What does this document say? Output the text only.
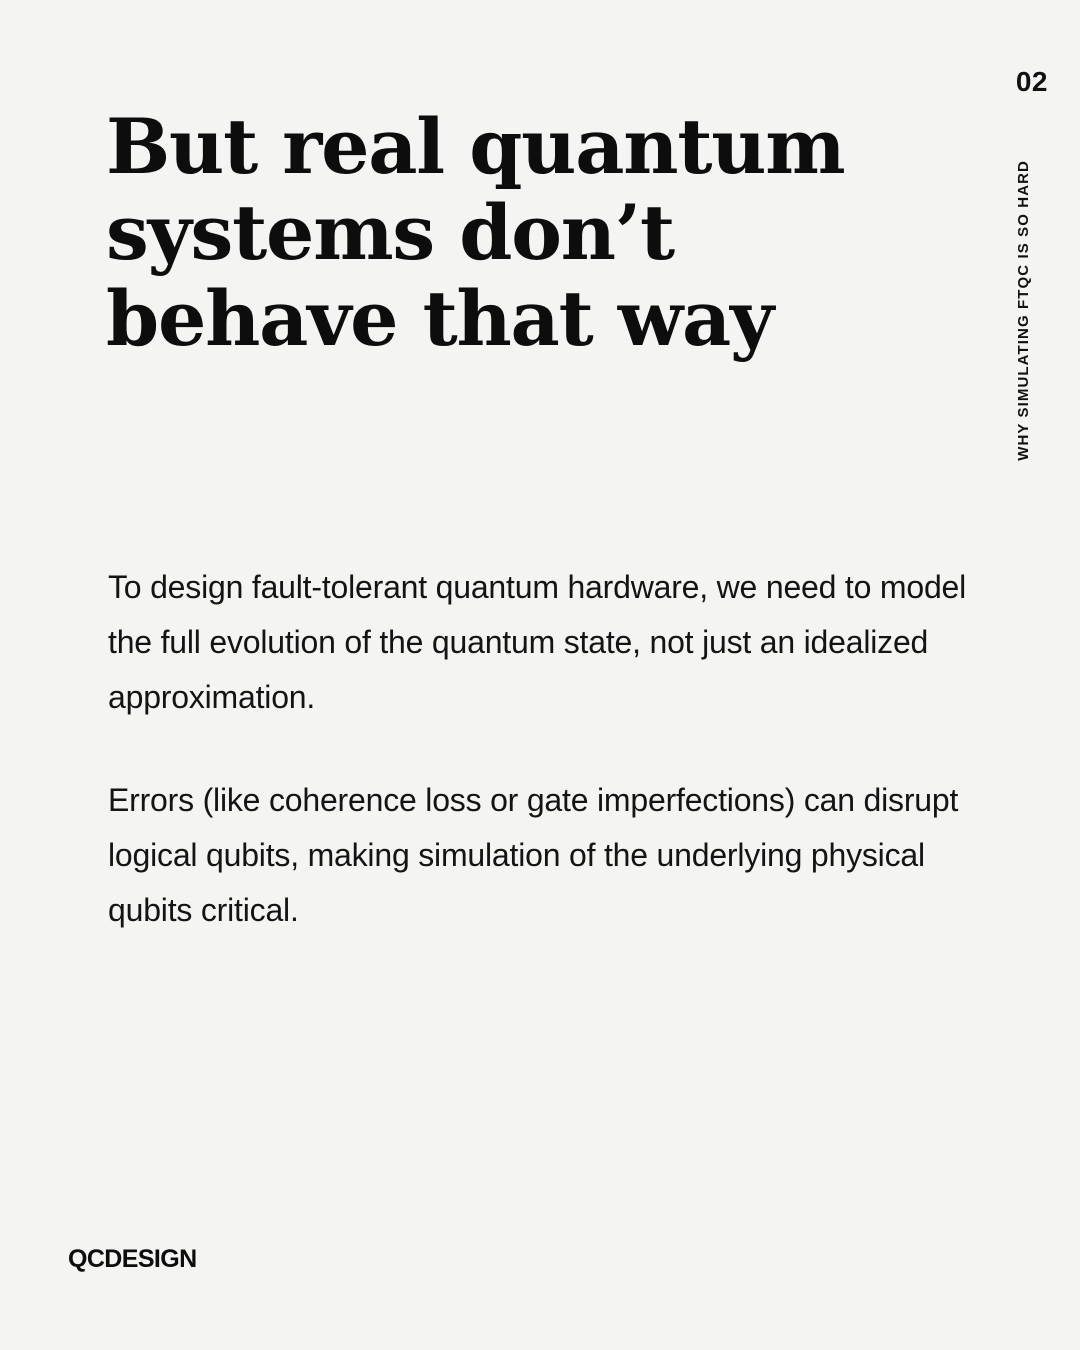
02
WHY SIMULATING FTQC IS SO HARD
But real quantum systems don’t behave that way

To design fault-tolerant quantum hardware, we need to model the full evolution of the quantum state, not just an idealized approximation.

Errors (like coherence loss or gate imperfections) can disrupt logical qubits, making simulation of the underlying physical qubits critical.

QCDESIGN
